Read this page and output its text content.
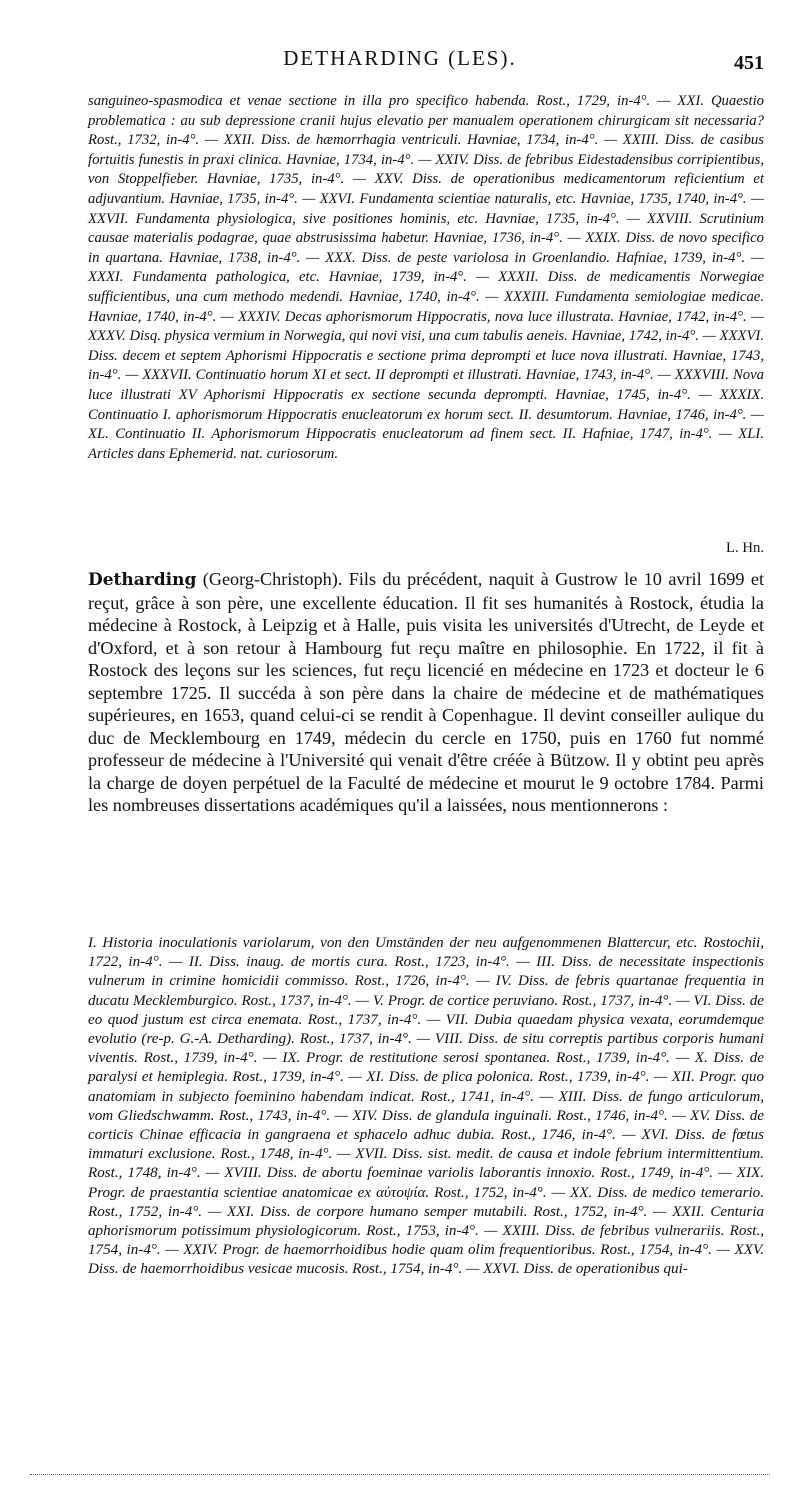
DETHARDING (LES).	451

sanguineo-spasmodica et venae sectione in illa pro specifico habenda. Rost., 1729, in-4°. — XXI. Quaestio problematica : au sub depressione cranii hujus elevatio per manualem operationem chirurgicam sit necessaria? Rost., 1732, in-4°. — XXII. Diss. de hæmorrhagia ventriculi. Havniae, 1734, in-4°. — XXIII. Diss. de casibus fortuitis funestis in praxi clinica. Havniae, 1734, in-4°. — XXIV. Diss. de febribus Eidestadensibus corripientibus, von Stoppelfieber. Havniae, 1735, in-4°. — XXV. Diss. de operationibus medicamentorum reficientium et adjuvantium. Havniae, 1735, in-4°. — XXVI. Fundamenta scientiae naturalis, etc. Havniae, 1735, 1740, in-4°. — XXVII. Fundamenta physiologica, sive positiones hominis, etc. Havniae, 1735, in-4°. — XXVIII. Scrutinium causae materialis podagrae, quae abstrusissima habetur. Havniae, 1736, in-4°. — XXIX. Diss. de novo specifico in quartana. Havniae, 1738, in-4°. — XXX. Diss. de peste variolosa in Groenlandio. Hafniae, 1739, in-4°. — XXXI. Fundamenta pathologica, etc. Havniae, 1739, in-4°. — XXXII. Diss. de medicamentis Norwegiae sufficientibus, una cum methodo medendi. Havniae, 1740, in-4°. — XXXIII. Fundamenta semiologiae medicae. Havniae, 1740, in-4°. — XXXIV. Decas aphorismorum Hippocratis, nova luce illustrata. Havniae, 1742, in-4°. — XXXV. Disq. physica vermium in Norwegia, qui novi visi, una cum tabulis aeneis. Havniae, 1742, in-4°. — XXXVI. Diss. decem et septem Aphorismi Hippocratis e sectione prima deprompti et luce nova illustrati. Havniae, 1743, in-4°. — XXXVII. Continuatio horum XI et sect. II deprompti et illustrati. Havniae, 1743, in-4°. — XXXVIII. Nova luce illustrati XV Aphorismi Hippocratis ex sectione secunda deprompti. Havniae, 1745, in-4°. — XXXIX. Continuatio I. aphorismorum Hippocratis enucleatorum ex horum sect. II. desumtorum. Havniae, 1746, in-4°. — XL. Continuatio II. Aphorismorum Hippocratis enucleatorum ad finem sect. II. Hafniae, 1747, in-4°. — XLI. Articles dans Ephemerid. nat. curiosorum.

L. Hn.

Detharding (Georg-Christoph). Fils du précédent, naquit à Gustrow le 10 avril 1699 et reçut, grâce à son père, une excellente éducation. Il fit ses humanités à Rostock, étudia la médecine à Rostock, à Leipzig et à Halle, puis visita les universités d'Utrecht, de Leyde et d'Oxford, et à son retour à Hambourg fut reçu maître en philosophie. En 1722, il fit à Rostock des leçons sur les sciences, fut reçu licencié en médecine en 1723 et docteur le 6 septembre 1725. Il succéda à son père dans la chaire de médecine et de mathématiques supérieures, en 1653, quand celui-ci se rendit à Copenhague. Il devint conseiller aulique du duc de Mecklembourg en 1749, médecin du cercle en 1750, puis en 1760 fut nommé professeur de médecine à l'Université qui venait d'être créée à Bützow. Il y obtint peu après la charge de doyen perpétuel de la Faculté de médecine et mourut le 9 octobre 1784. Parmi les nombreuses dissertations académiques qu'il a laissées, nous mentionnerons :

I. Historia inoculationis variolarum, von den Umständen der neu aufgenommenen Blattercur, etc. Rostochii, 1722, in-4°. — II. Diss. inaug. de mortis cura. Rost., 1723, in-4°. — III. Diss. de necessitate inspectionis vulnerum in crimine homicidii commisso. Rost., 1726, in-4°. — IV. Diss. de febris quartanae frequentia in ducatu Mecklemburgico. Rost., 1737, in-4°. — V. Progr. de cortice peruviano. Rost., 1737, in-4°. — VI. Diss. de eo quod justum est circa enemata. Rost., 1737, in-4°. — VII. Dubia quaedam physica vexata, eorumdemque evolutio (re-p. G.-A. Detharding). Rost., 1737, in-4°. — VIII. Diss. de situ correptis partibus corporis humani viventis. Rost., 1739, in-4°. — IX. Progr. de restitutione serosi spontanea. Rost., 1739, in-4°. — X. Diss. de paralysi et hemiplegia. Rost., 1739, in-4°. — XI. Diss. de plica polonica. Rost., 1739, in-4°. — XII. Progr. quo anatomiam in subjecto foeminino habendam indicat. Rost., 1741, in-4°. — XIII. Diss. de fungo articulorum, vom Gliedschwamm. Rost., 1743, in-4°. — XIV. Diss. de glandula inguinali. Rost., 1746, in-4°. — XV. Diss. de corticis Chinae efficacia in gangraena et sphacelo adhuc dubia. Rost., 1746, in-4°. — XVI. Diss. de fœtus immaturi exclusione. Rost., 1748, in-4°. — XVII. Diss. sist. medit. de causa et indole febrium intermittentium. Rost., 1748, in-4°. — XVIII. Diss. de abortu foeminae variolis laborantis innoxio. Rost., 1749, in-4°. — XIX. Progr. de praestantia scientiae anatomicae ex αὐτοψία. Rost., 1752, in-4°. — XX. Diss. de medico temerario. Rost., 1752, in-4°. — XXI. Diss. de corpore humano semper mutabili. Rost., 1752, in-4°. — XXII. Centuria aphorismorum potissimum physiologicorum. Rost., 1753, in-4°. — XXIII. Diss. de febribus vulnerariis. Rost., 1754, in-4°. — XXIV. Progr. de haemorrhoidibus hodie quam olim frequentioribus. Rost., 1754, in-4°. — XXV. Diss. de haemorrhoidibus vesicae mucosis. Rost., 1754, in-4°. — XXVI. Diss. de operationibus qui-
